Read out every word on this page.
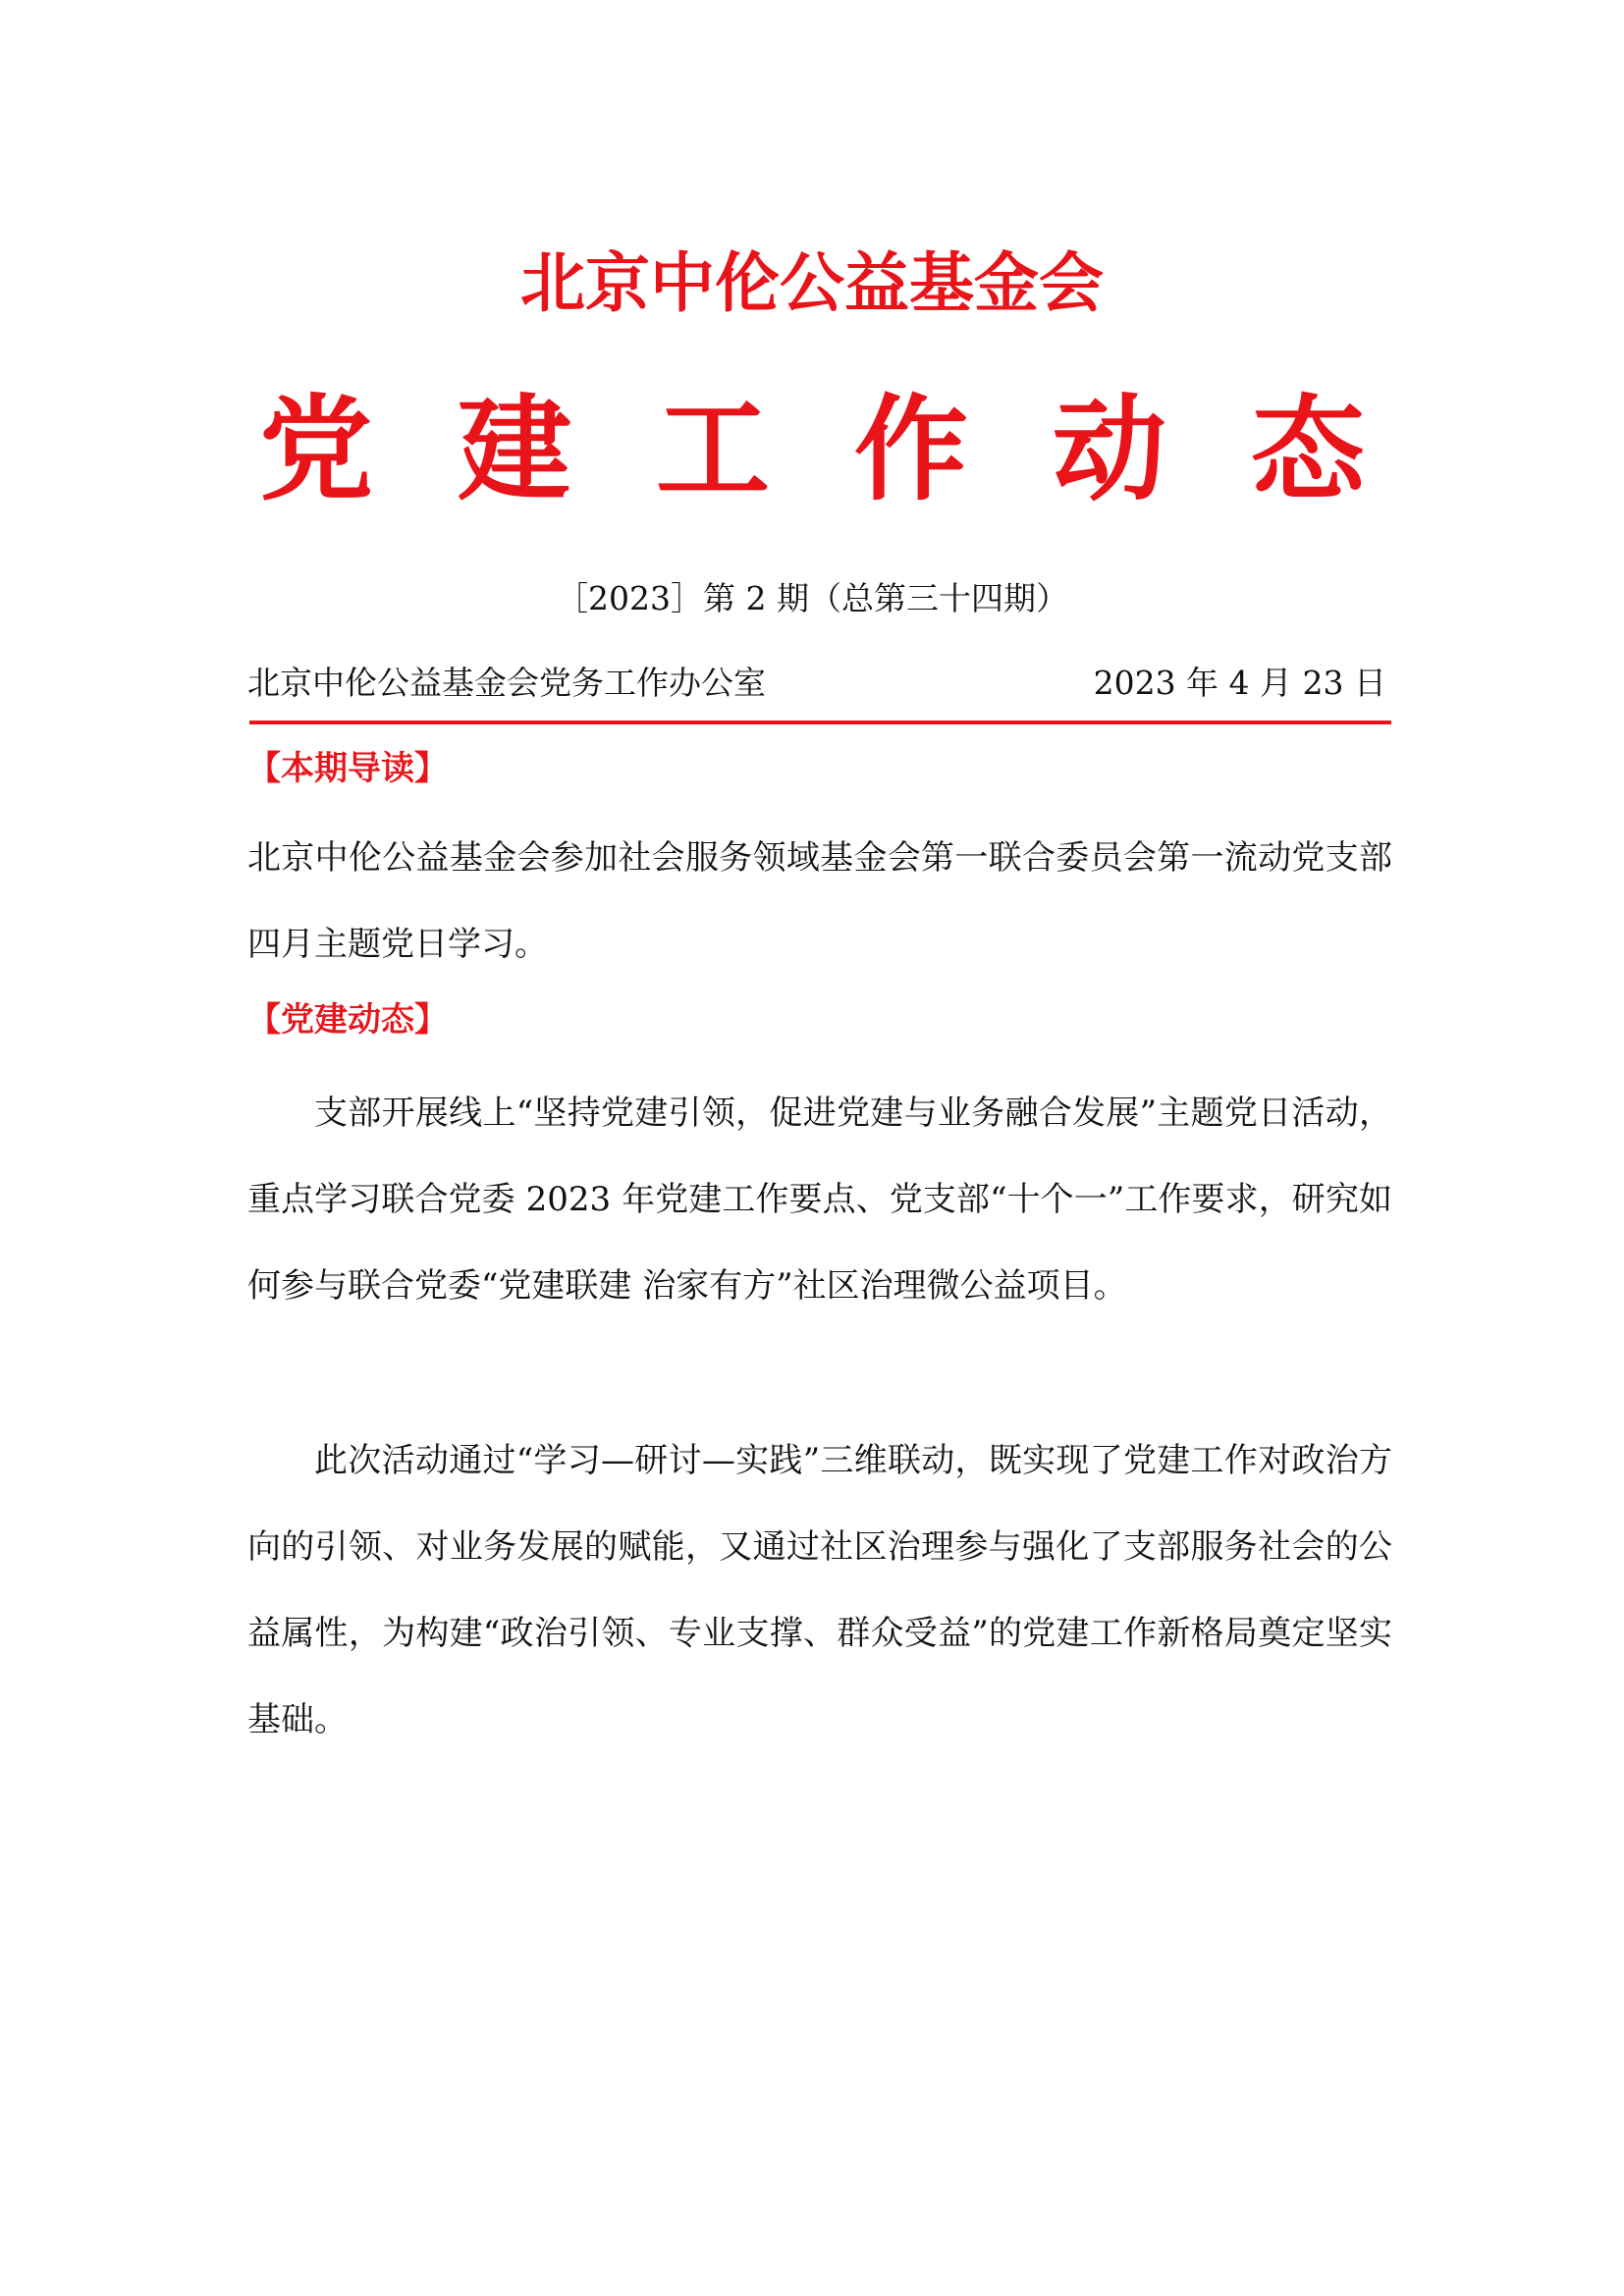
北京中伦公益基金会
党建工作动态
［2023］第 2 期（总第三十四期）
北京中伦公益基金会党务工作办公室	2023 年 4 月 23 日
【本期导读】

北京中伦公益基金会参加社会服务领域基金会第一联合委员会第一流动党支部四月主题党日学习。

【党建动态】

支部开展线上“坚持党建引领，促进党建与业务融合发展”主题党日活动，重点学习联合党委 2023 年党建工作要点、党支部“十个一”工作要求，研究如何参与联合党委“党建联建 治家有方”社区治理微公益项目。

此次活动通过“学习—研讨—实践”三维联动，既实现了党建工作对政治方向的引领、对业务发展的赋能，又通过社区治理参与强化了支部服务社会的公益属性，为构建“政治引领、专业支撑、群众受益”的党建工作新格局奠定坚实基础。
